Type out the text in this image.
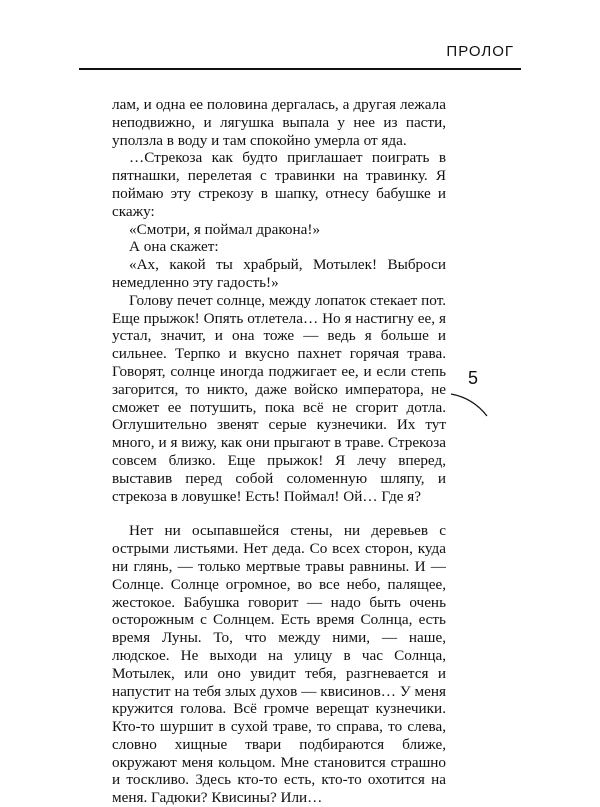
ПРОЛОГ
5

лам, и одна ее половина дергалась, а другая лежала неподвижно, и лягушка выпала у нее из пасти, уползла в воду и там спокойно умерла от яда.

…Стрекоза как будто приглашает поиграть в пятнашки, перелетая с травинки на травинку. Я поймаю эту стрекозу в шапку, отнесу бабушке и скажу:

«Смотри, я поймал дракона!»

А она скажет:

«Ах, какой ты храбрый, Мотылек! Выброси немедленно эту гадость!»

Голову печет солнце, между лопаток стекает пот. Еще прыжок! Опять отлетела… Но я настигну ее, я устал, значит, и она тоже — ведь я больше и сильнее. Терпко и вкусно пахнет горячая трава. Говорят, солнце иногда поджигает ее, и если степь загорится, то никто, даже войско императора, не сможет ее потушить, пока всё не сгорит дотла. Оглушительно звенят серые кузнечики. Их тут много, и я вижу, как они прыгают в траве. Стрекоза совсем близко. Еще прыжок! Я лечу вперед, выставив перед собой соломенную шляпу, и стрекоза в ловушке! Есть! Поймал! Ой… Где я?

Нет ни осыпавшейся стены, ни деревьев с острыми листьями. Нет деда. Со всех сторон, куда ни глянь, — только мертвые травы равнины. И — Солнце. Солнце огромное, во все небо, палящее, жестокое. Бабушка говорит — надо быть очень осторожным с Солнцем. Есть время Солнца, есть время Луны. То, что между ними, — наше, людское. Не выходи на улицу в час Солнца, Мотылек, или оно увидит тебя, разгневается и напустит на тебя злых духов — квисинов… У меня кружится голова. Всё громче верещат кузнечики. Кто-то шуршит в сухой траве, то справа, то слева, словно хищные твари подбираются ближе, окружают меня кольцом. Мне становится страшно и тоскливо. Здесь кто-то есть, кто-то охотится на меня. Гадюки? Квисины? Или…
